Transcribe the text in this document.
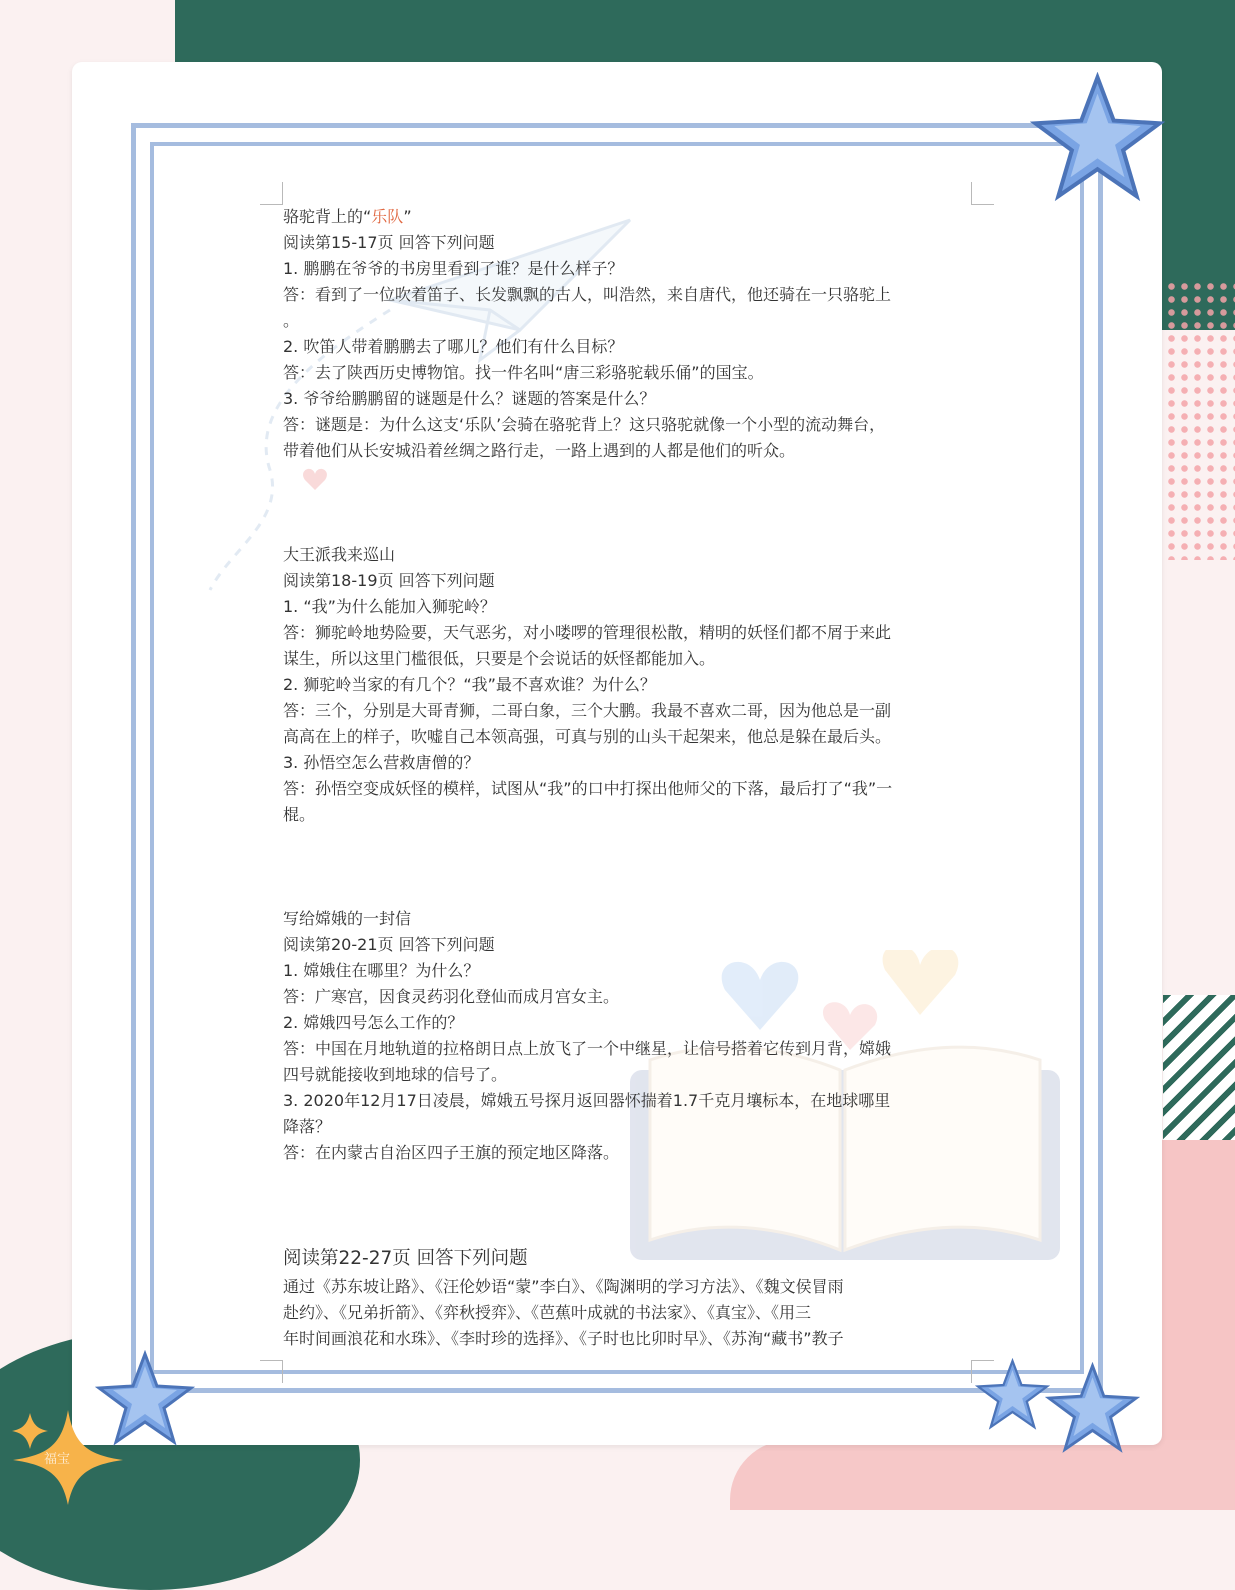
福宝
骆驼背上的“乐队”
阅读第15-17页 回答下列问题
1. 鹏鹏在爷爷的书房里看到了谁？是什么样子？
答：看到了一位吹着笛子、长发飘飘的古人，叫浩然，来自唐代，他还骑在一只骆驼上
。
2. 吹笛人带着鹏鹏去了哪儿？他们有什么目标？
答：去了陕西历史博物馆。找一件名叫“唐三彩骆驼载乐俑”的国宝。
3. 爷爷给鹏鹏留的谜题是什么？谜题的答案是什么？
答：谜题是：为什么这支‘乐队’会骑在骆驼背上？这只骆驼就像一个小型的流动舞台，
带着他们从长安城沿着丝绸之路行走，一路上遇到的人都是他们的听众。
大王派我来巡山
阅读第18-19页 回答下列问题
1. “我”为什么能加入狮驼岭？
答：狮驼岭地势险要，天气恶劣，对小喽啰的管理很松散，精明的妖怪们都不屑于来此
谋生，所以这里门槛很低，只要是个会说话的妖怪都能加入。
2. 狮驼岭当家的有几个？“我”最不喜欢谁？为什么？
答：三个，分别是大哥青狮，二哥白象，三个大鹏。我最不喜欢二哥，因为他总是一副
高高在上的样子，吹嘘自己本领高强，可真与别的山头干起架来，他总是躲在最后头。
3. 孙悟空怎么营救唐僧的？
答：孙悟空变成妖怪的模样，试图从“我”的口中打探出他师父的下落，最后打了“我”一
棍。
写给嫦娥的一封信
阅读第20-21页 回答下列问题
1. 嫦娥住在哪里？为什么？
答：广寒宫，因食灵药羽化登仙而成月宫女主。
2. 嫦娥四号怎么工作的？
答：中国在月地轨道的拉格朗日点上放飞了一个中继星，让信号搭着它传到月背，嫦娥
四号就能接收到地球的信号了。
3. 2020年12月17日凌晨，嫦娥五号探月返回器怀揣着1.7千克月壤标本，在地球哪里
降落？
答：在内蒙古自治区四子王旗的预定地区降落。
阅读第22-27页 回答下列问题
通过《苏东坡让路》、《汪伦妙语“蒙”李白》、《陶渊明的学习方法》、《魏文侯冒雨
赴约》、《兄弟折箭》、《弈秋授弈》、《芭蕉叶成就的书法家》、《真宝》、《用三
年时间画浪花和水珠》、《李时珍的选择》、《子时也比卯时早》、《苏洵“藏书”教子
